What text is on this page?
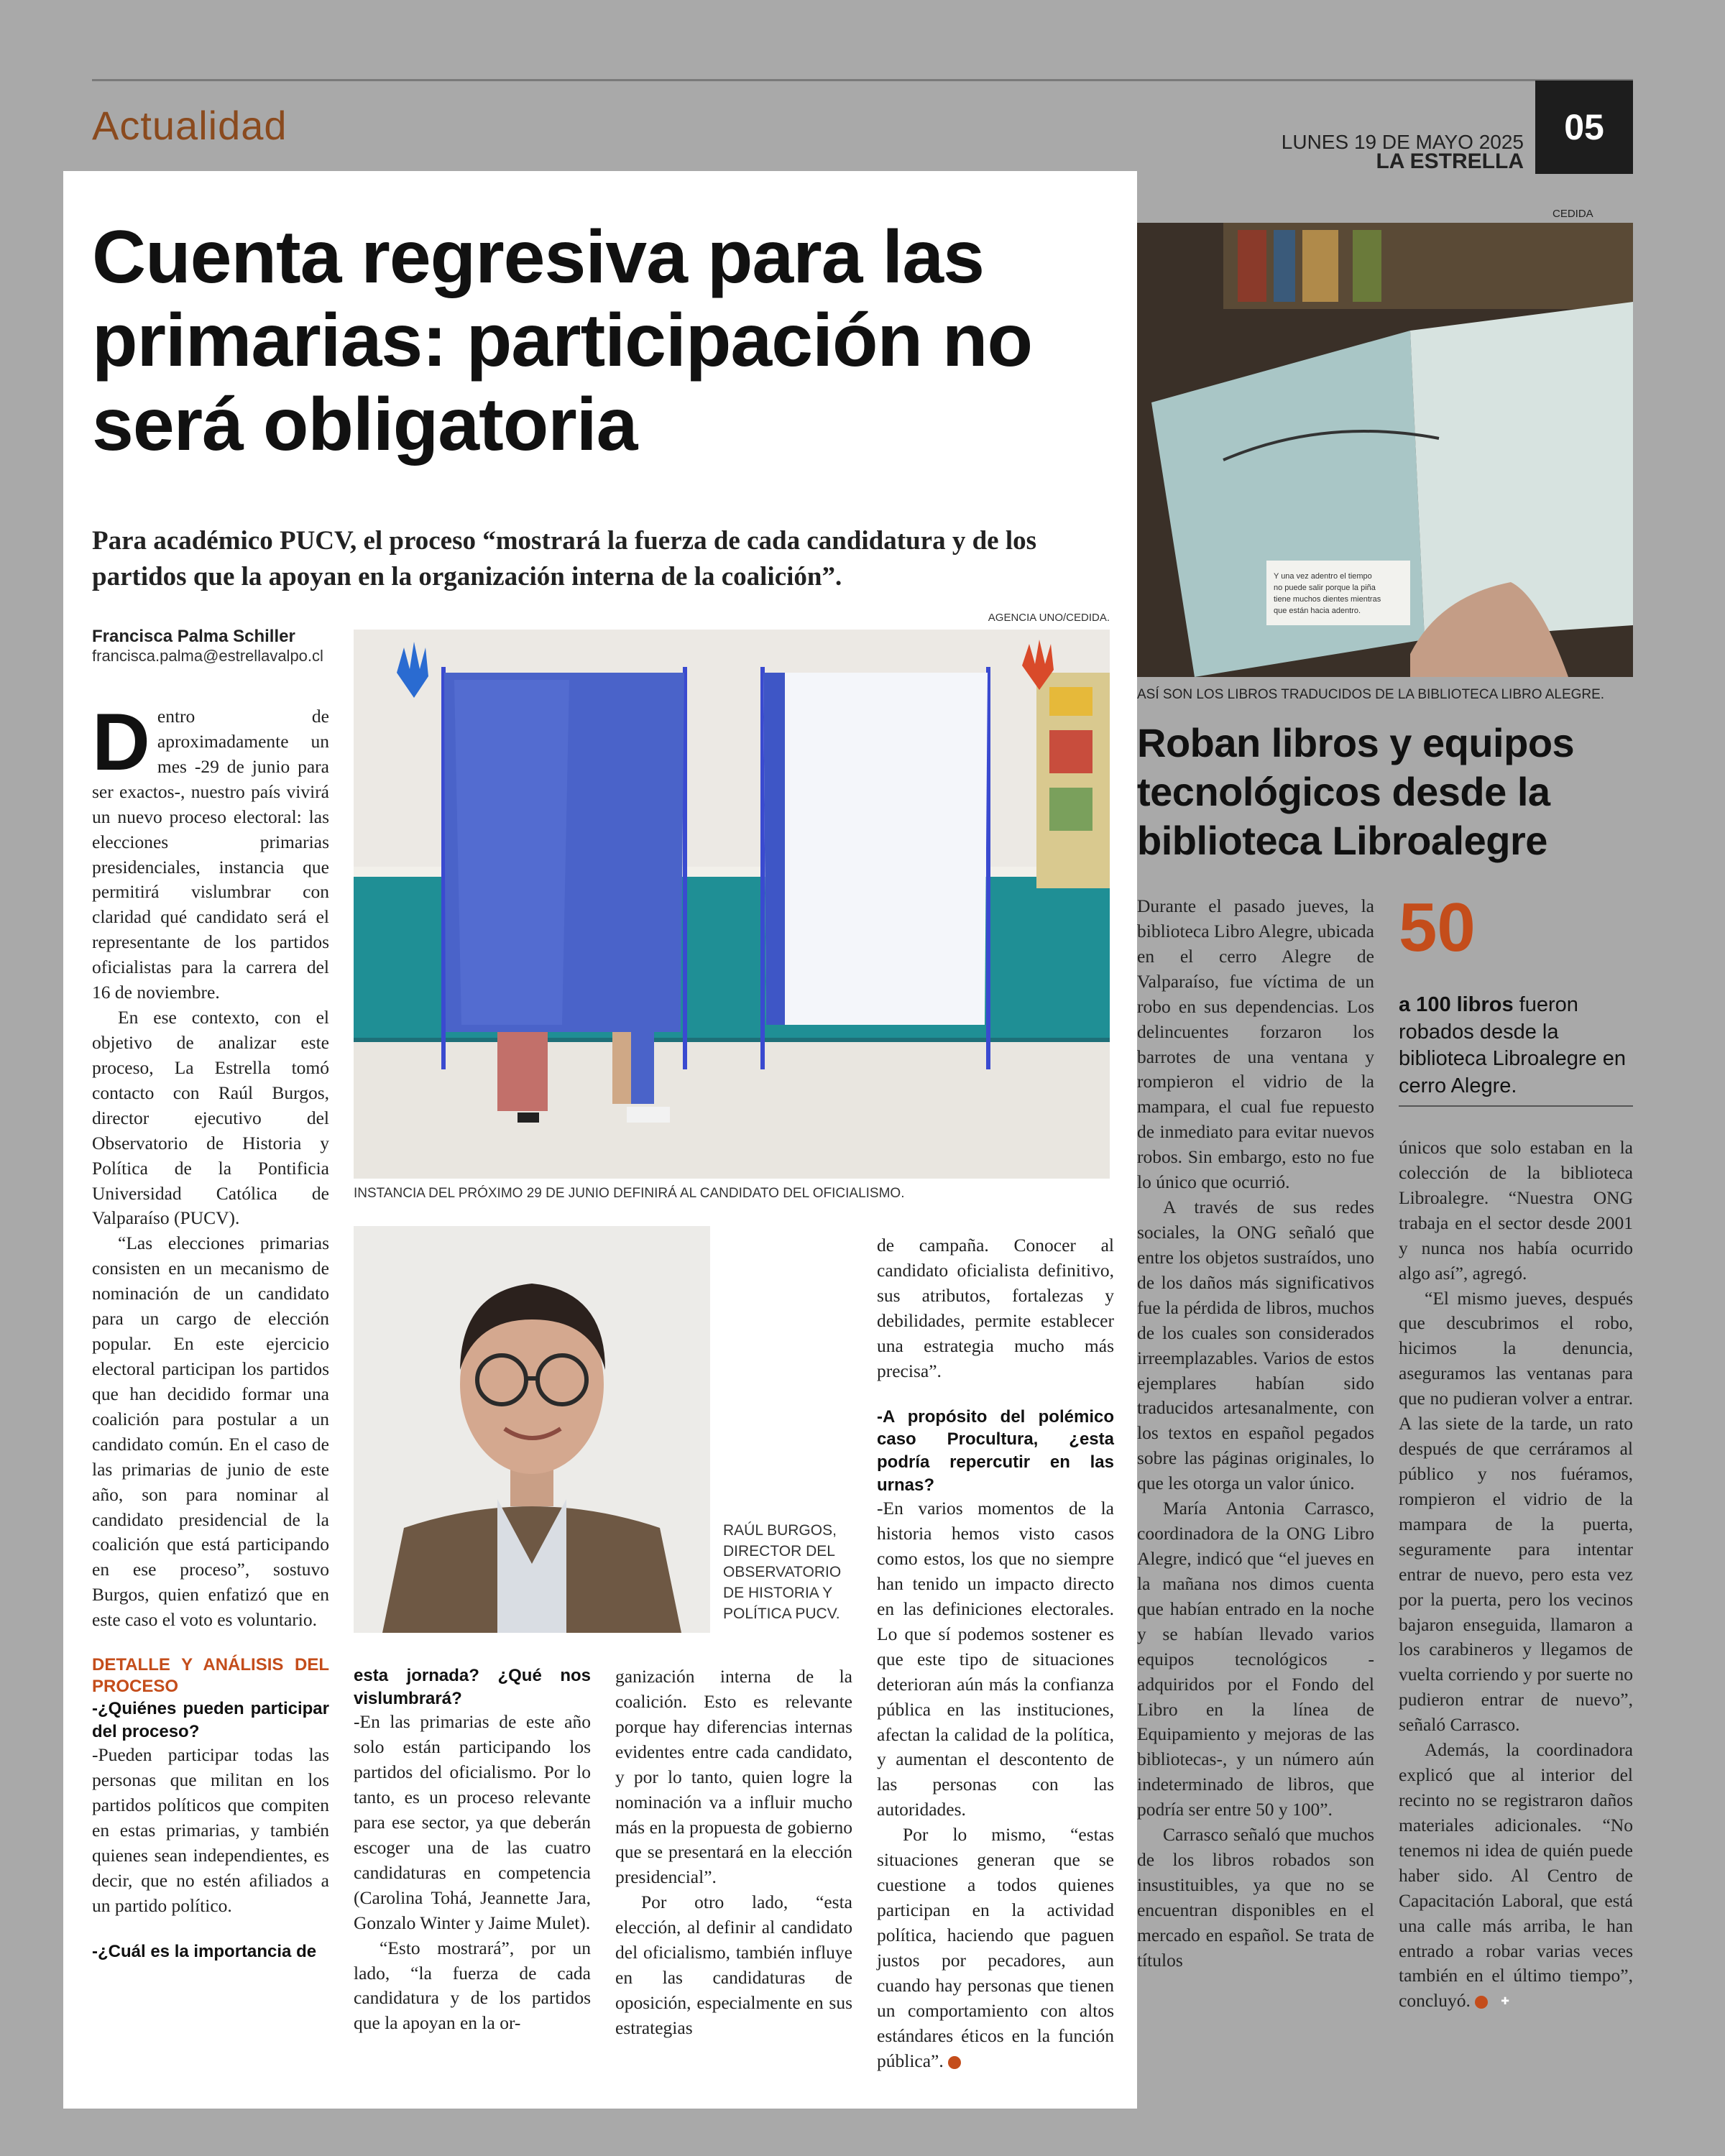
Actualidad
LA ESTRELLA
LUNES 19 DE MAYO 2025	05
Cuenta regresiva para las primarias: participación no será obligatoria
Para académico PUCV, el proceso “mostrará la fuerza de cada candidatura y de los partidos que la apoyan en la organización interna de la coalición”.
Francisca Palma Schiller
francisca.palma@estrellavalpo.cl
AGENCIA UNO/CEDIDA.
INSTANCIA DEL PRÓXIMO 29 DE JUNIO DEFINIRÁ AL CANDIDATO DEL OFICIALISMO.
RAÚL BURGOS, DIRECTOR DEL OBSERVATORIO DE HISTORIA Y POLÍTICA PUCV.

Dentro de aproximadamente un mes -29 de junio para ser exactos-, nuestro país vivirá un nuevo proceso electoral: las elecciones primarias presidenciales, instancia que permitirá vislumbrar con claridad qué candidato será el representante de los partidos oficialistas para la carrera del 16 de noviembre.

En ese contexto, con el objetivo de analizar este proceso, La Estrella tomó contacto con Raúl Burgos, director ejecutivo del Observatorio de Historia y Política de la Pontificia Universidad Católica de Valparaíso (PUCV).

“Las elecciones primarias consisten en un mecanismo de nominación de un candidato para un cargo de elección popular. En este ejercicio electoral participan los partidos que han decidido formar una coalición para postular a un candidato común. En el caso de las primarias de junio de este año, son para nominar al candidato presidencial de la coalición que está participando en ese proceso”, sostuvo Burgos, quien enfatizó que en este caso el voto es voluntario.

DETALLE Y ANÁLISIS DEL PROCESO
-¿Quiénes pueden participar del proceso?

-Pueden participar todas las personas que militan en los partidos políticos que compiten en estas primarias, y también quienes sean independientes, es decir, que no estén afiliados a un partido político.

-¿Cuál es la importancia de
esta jornada? ¿Qué nos vislumbrará?

-En las primarias de este año solo están participando los partidos del oficialismo. Por lo tanto, es un proceso relevante para ese sector, ya que deberán escoger una de las cuatro candidaturas en competencia (Carolina Tohá, Jeannette Jara, Gonzalo Winter y Jaime Mulet).

“Esto mostrará”, por un lado, “la fuerza de cada candidatura y de los partidos que la apoyan en la or-

ganización interna de la coalición. Esto es relevante porque hay diferencias internas evidentes entre cada candidato, y por lo tanto, quien logre la nominación va a influir mucho más en la propuesta de gobierno que se presentará en la elección presidencial”.

Por otro lado, “esta elección, al definir al candidato del oficialismo, también influye en las candidaturas de oposición, especialmente en sus estrategias

de campaña. Conocer al candidato oficialista definitivo, sus atributos, fortalezas y debilidades, permite establecer una estrategia mucho más precisa”.

-A propósito del polémico caso Procultura, ¿esta podría repercutir en las urnas?

-En varios momentos de la historia hemos visto casos como estos, los que no siempre han tenido un impacto directo en las definiciones electorales. Lo que sí podemos sostener es que este tipo de situaciones deterioran aún más la confianza pública en las instituciones, afectan la calidad de la política, y aumentan el descontento de las personas con las autoridades.

Por lo mismo, “estas situaciones generan que se cuestione a todos quienes participan en la actividad política, haciendo que paguen justos por pecadores, aun cuando hay personas que tienen un comportamiento con altos estándares éticos en la función pública”.	✚

CEDIDA
Y una vez adentro el tiempo no puede salir porque la piña tiene muchos dientes mientras que están hacia adentro.
ASÍ SON LOS LIBROS TRADUCIDOS DE LA BIBLIOTECA LIBRO ALEGRE.
Roban libros y equipos tecnológicos desde la biblioteca Libroalegre

Durante el pasado jueves, la biblioteca Libro Alegre, ubicada en el cerro Alegre de Valparaíso, fue víctima de un robo en sus dependencias. Los delincuentes forzaron los barrotes de una ventana y rompieron el vidrio de la mampara, el cual fue repuesto de inmediato para evitar nuevos robos. Sin embargo, esto no fue lo único que ocurrió.

A través de sus redes sociales, la ONG señaló que entre los objetos sustraídos, uno de los daños más significativos fue la pérdida de libros, muchos de los cuales son considerados irreemplazables. Varios de estos ejemplares habían sido traducidos artesanalmente, con los textos en español pegados sobre las páginas originales, lo que les otorga un valor único.

María Antonia Carrasco, coordinadora de la ONG Libro Alegre, indicó que “el jueves en la mañana nos dimos cuenta que habían entrado en la noche y se habían llevado varios equipos tecnológicos -adquiridos por el Fondo del Libro en la línea de Equipamiento y mejoras de las bibliotecas-, y un número aún indeterminado de libros, que podría ser entre 50 y 100”.

Carrasco señaló que muchos de los libros robados son insustituibles, ya que no se encuentran disponibles en el mercado en español. Se trata de títulos

50
a 100 libros fueron robados desde la biblioteca Libroalegre en cerro Alegre.

únicos que solo estaban en la colección de la biblioteca Libroalegre. “Nuestra ONG trabaja en el sector desde 2001 y nunca nos había ocurrido algo así”, agregó.

“El mismo jueves, después que descubrimos el robo, hicimos la denuncia, aseguramos las ventanas para que no pudieran volver a entrar. A las siete de la tarde, un rato después de que cerráramos al público y nos fuéramos, rompieron el vidrio de la mampara de la puerta, seguramente para intentar entrar de nuevo, pero esta vez por la puerta, pero los vecinos bajaron enseguida, llamaron a los carabineros y llegamos de vuelta corriendo y por suerte no pudieron entrar de nuevo”, señaló Carrasco.

Además, la coordinadora explicó que al interior del recinto no se registraron daños materiales adicionales. “No tenemos ni idea de quién puede haber sido. Al Centro de Capacitación Laboral, que está una calle más arriba, le han entrado a robar varias veces también en el último tiempo”, concluyó.	✚
